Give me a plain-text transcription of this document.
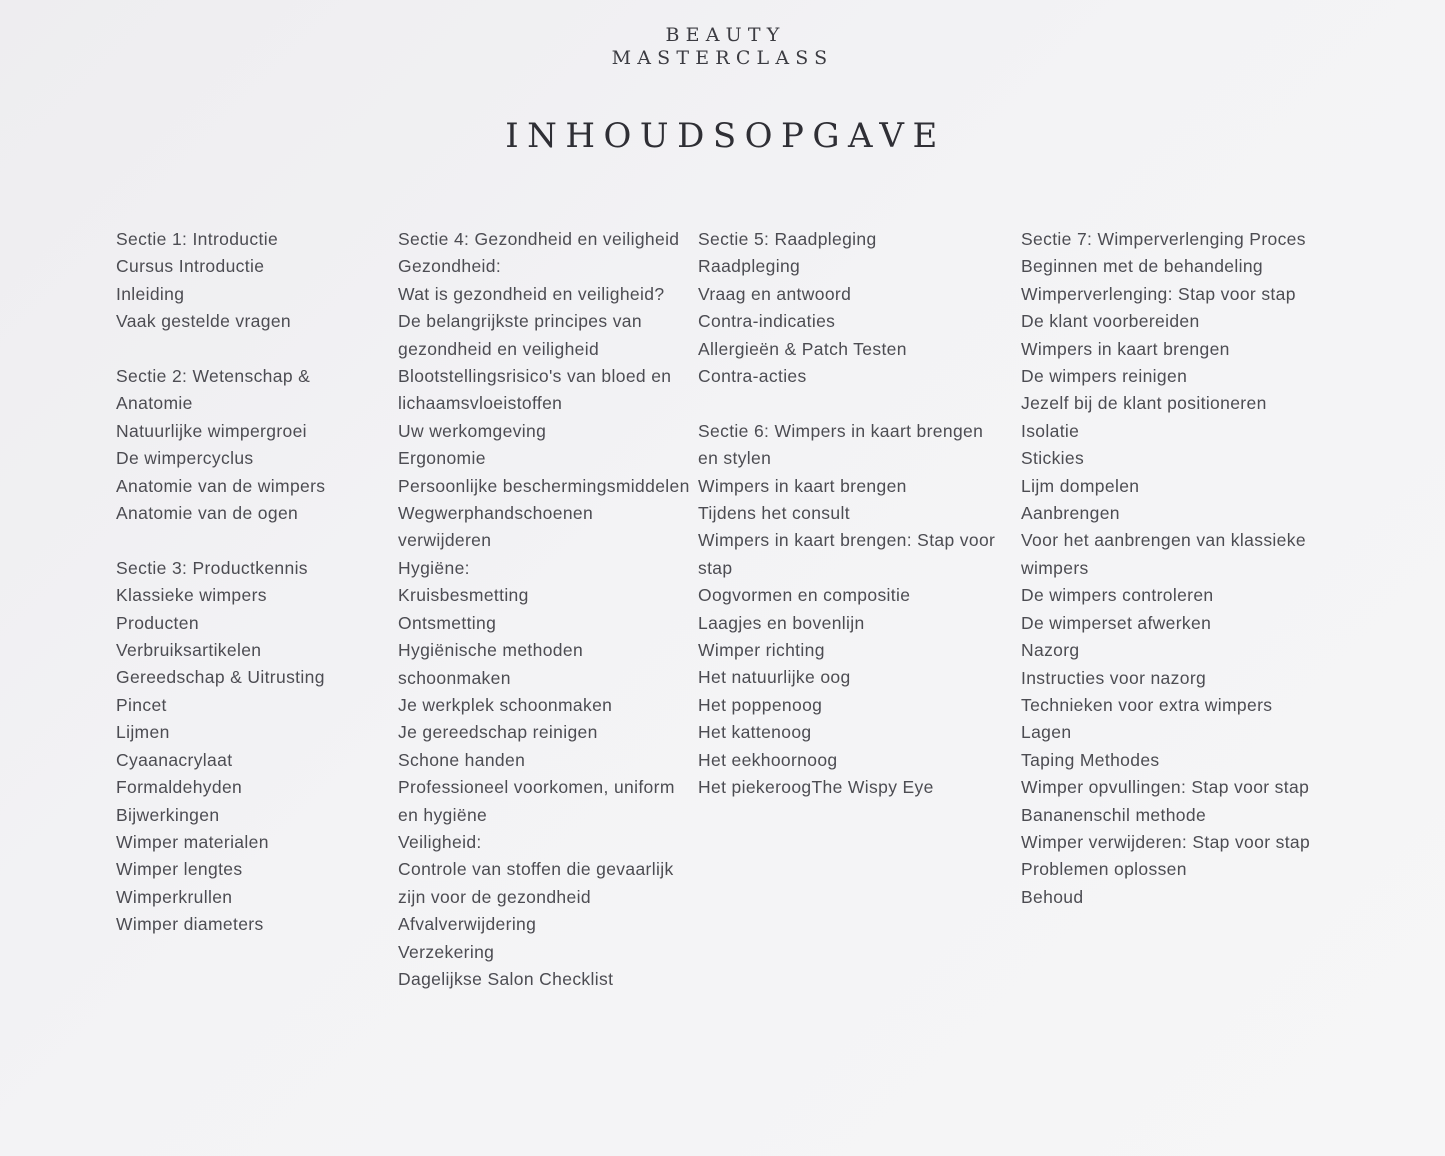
BEAUTY
MASTERCLASS
INHOUDSOPGAVE
Sectie 1: Introductie
Cursus Introductie
Inleiding
Vaak gestelde vragen
Sectie 2: Wetenschap & Anatomie
Natuurlijke wimpergroei
De wimpercyclus
Anatomie van de wimpers
Anatomie van de ogen
Sectie 3: Productkennis
Klassieke wimpers
Producten
Verbruiksartikelen
Gereedschap & Uitrusting
Pincet
Lijmen
Cyaanacrylaat
Formaldehyden
Bijwerkingen
Wimper materialen
Wimper lengtes
Wimperkrullen
Wimper diameters
Sectie 4: Gezondheid en veiligheid
Gezondheid:
Wat is gezondheid en veiligheid?
De belangrijkste principes van gezondheid en veiligheid
Blootstellingsrisico's van bloed en lichaamsvloeistoffen
Uw werkomgeving
Ergonomie
Persoonlijke beschermingsmiddelen
Wegwerphandschoenen verwijderen
Hygiëne:
Kruisbesmetting
Ontsmetting
Hygiënische methoden schoonmaken
Je werkplek schoonmaken
Je gereedschap reinigen
Schone handen
Professioneel voorkomen, uniform en hygiëne
Veiligheid:
Controle van stoffen die gevaarlijk zijn voor de gezondheid
Afvalverwijdering
Verzekering
Dagelijkse Salon Checklist
Sectie 5: Raadpleging
Raadpleging
Vraag en antwoord
Contra-indicaties
Allergieën & Patch Testen
Contra-acties
Sectie 6: Wimpers in kaart brengen en stylen
Wimpers in kaart brengen
Tijdens het consult
Wimpers in kaart brengen: Stap voor stap
Oogvormen en compositie
Laagjes en bovenlijn
Wimper richting
Het natuurlijke oog
Het poppenoog
Het kattenoog
Het eekhoornoog
Het piekeroogThe Wispy Eye
Sectie 7: Wimperverlenging Proces
Beginnen met de behandeling
Wimperverlenging: Stap voor stap
De klant voorbereiden
Wimpers in kaart brengen
De wimpers reinigen
Jezelf bij de klant positioneren
Isolatie
Stickies
Lijm dompelen
Aanbrengen
Voor het aanbrengen van klassieke wimpers
De wimpers controleren
De wimperset afwerken
Nazorg
Instructies voor nazorg
Technieken voor extra wimpers
Lagen
Taping Methodes
Wimper opvullingen: Stap voor stap
Bananenschil methode
Wimper verwijderen: Stap voor stap
Problemen oplossen
Behoud
